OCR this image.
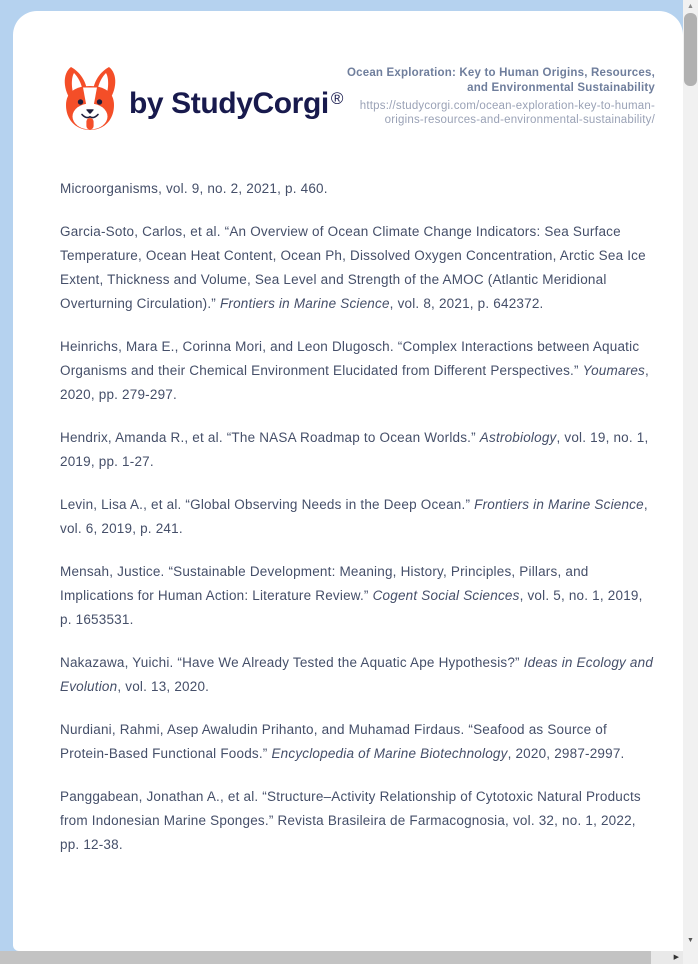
by StudyCorgi ®
Ocean Exploration: Key to Human Origins, Resources, and Environmental Sustainability
https://studycorgi.com/ocean-exploration-key-to-human-origins-resources-and-environmental-sustainability/

Microorganisms, vol. 9, no. 2, 2021, p. 460.

Garcia-Soto, Carlos, et al. “An Overview of Ocean Climate Change Indicators: Sea Surface Temperature, Ocean Heat Content, Ocean Ph, Dissolved Oxygen Concentration, Arctic Sea Ice Extent, Thickness and Volume, Sea Level and Strength of the AMOC (Atlantic Meridional Overturning Circulation).” Frontiers in Marine Science, vol. 8, 2021, p. 642372.

Heinrichs, Mara E., Corinna Mori, and Leon Dlugosch. “Complex Interactions between Aquatic Organisms and their Chemical Environment Elucidated from Different Perspectives.” Youmares, 2020, pp. 279-297.

Hendrix, Amanda R., et al. “The NASA Roadmap to Ocean Worlds.” Astrobiology, vol. 19, no. 1, 2019, pp. 1-27.

Levin, Lisa A., et al. “Global Observing Needs in the Deep Ocean.” Frontiers in Marine Science, vol. 6, 2019, p. 241.

Mensah, Justice. “Sustainable Development: Meaning, History, Principles, Pillars, and Implications for Human Action: Literature Review.” Cogent Social Sciences, vol. 5, no. 1, 2019, p. 1653531.

Nakazawa, Yuichi. “Have We Already Tested the Aquatic Ape Hypothesis?” Ideas in Ecology and Evolution, vol. 13, 2020.

Nurdiani, Rahmi, Asep Awaludin Prihanto, and Muhamad Firdaus. “Seafood as Source of Protein-Based Functional Foods.” Encyclopedia of Marine Biotechnology, 2020, 2987-2997.

Panggabean, Jonathan A., et al. “Structure–Activity Relationship of Cytotoxic Natural Products from Indonesian Marine Sponges.” Revista Brasileira de Farmacognosia, vol. 32, no. 1, 2022, pp. 12-38.

▲
▼
▶
